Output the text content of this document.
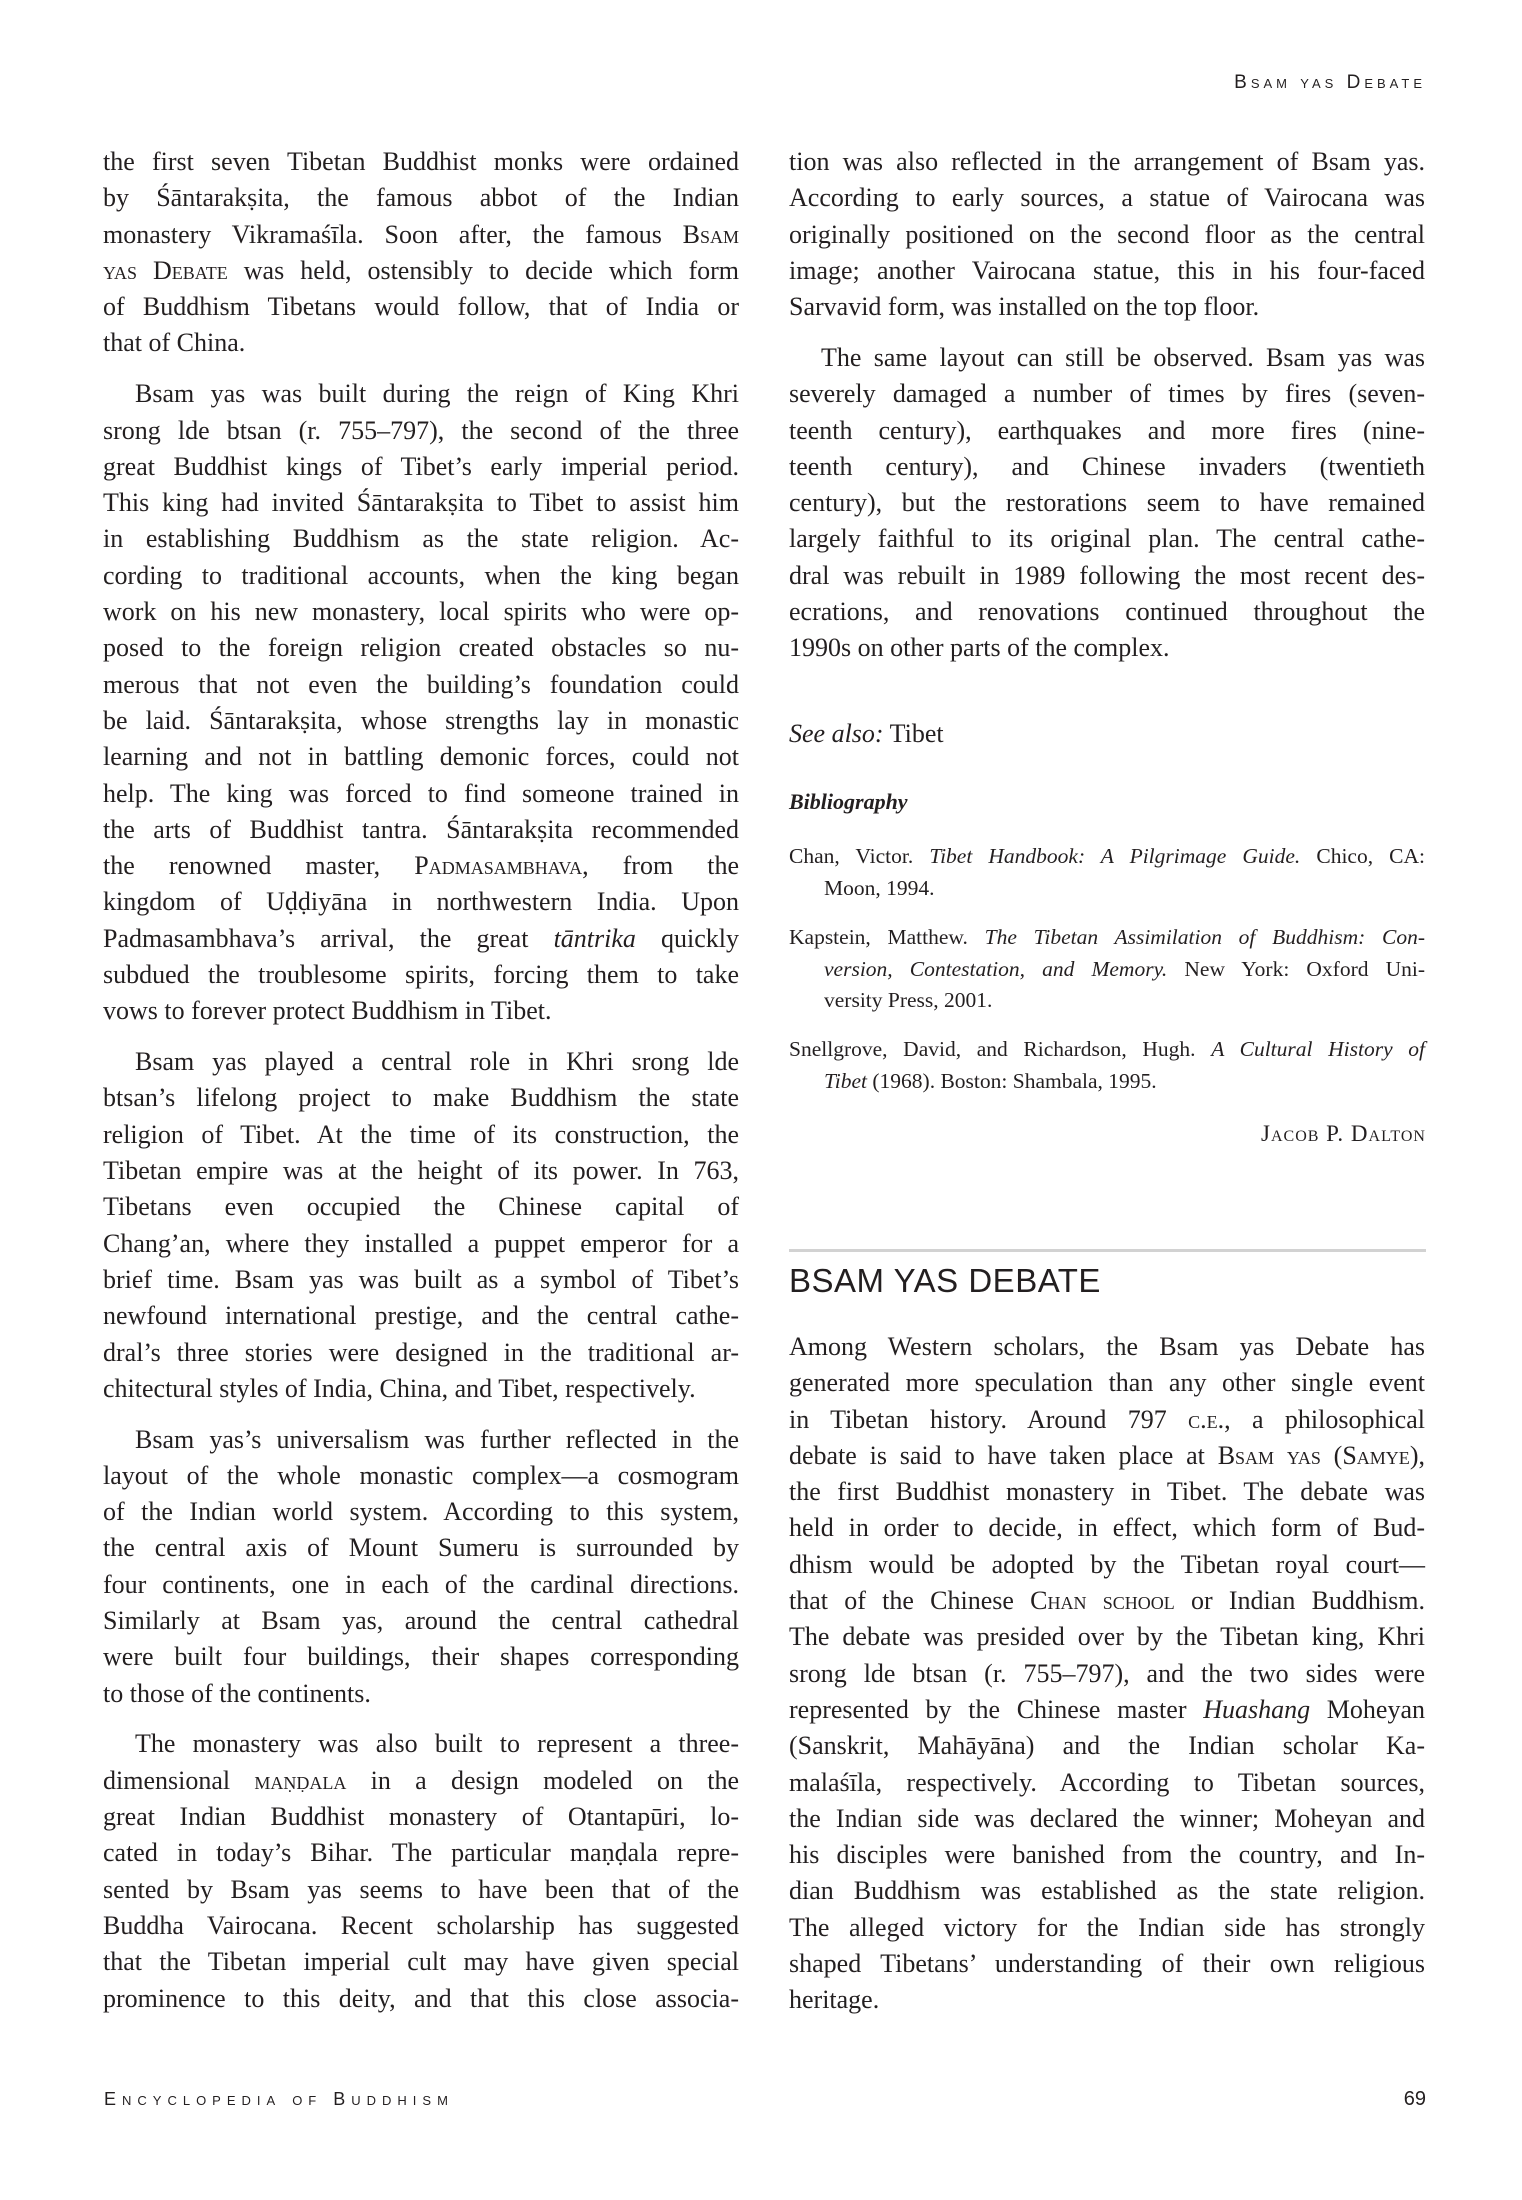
Bsam yas Debate
the first seven Tibetan Buddhist monks were ordained
by Śāntarakṣita, the famous abbot of the Indian
monastery Vikramaśīla. Soon after, the famous Bsam
yas Debate was held, ostensibly to decide which form
of Buddhism Tibetans would follow, that of India or
that of China.
Bsam yas was built during the reign of King Khri
srong lde btsan (r. 755–797), the second of the three
great Buddhist kings of Tibet’s early imperial period.
This king had invited Śāntarakṣita to Tibet to assist him
in establishing Buddhism as the state religion. Ac-
cording to traditional accounts, when the king began
work on his new monastery, local spirits who were op-
posed to the foreign religion created obstacles so nu-
merous that not even the building’s foundation could
be laid. Śāntarakṣita, whose strengths lay in monastic
learning and not in battling demonic forces, could not
help. The king was forced to find someone trained in
the arts of Buddhist tantra. Śāntarakṣita recommended
the renowned master, Padmasambhava, from the
kingdom of Uḍḍiyāna in northwestern India. Upon
Padmasambhava’s arrival, the great tāntrika quickly
subdued the troublesome spirits, forcing them to take
vows to forever protect Buddhism in Tibet.
Bsam yas played a central role in Khri srong lde
btsan’s lifelong project to make Buddhism the state
religion of Tibet. At the time of its construction, the
Tibetan empire was at the height of its power. In 763,
Tibetans even occupied the Chinese capital of
Chang’an, where they installed a puppet emperor for a
brief time. Bsam yas was built as a symbol of Tibet’s
newfound international prestige, and the central cathe-
dral’s three stories were designed in the traditional ar-
chitectural styles of India, China, and Tibet, respectively.
Bsam yas’s universalism was further reflected in the
layout of the whole monastic complex—a cosmogram
of the Indian world system. According to this system,
the central axis of Mount Sumeru is surrounded by
four continents, one in each of the cardinal directions.
Similarly at Bsam yas, around the central cathedral
were built four buildings, their shapes corresponding
to those of the continents.
The monastery was also built to represent a three-
dimensional maṇḍala in a design modeled on the
great Indian Buddhist monastery of Otantapūri, lo-
cated in today’s Bihar. The particular maṇḍala repre-
sented by Bsam yas seems to have been that of the
Buddha Vairocana. Recent scholarship has suggested
that the Tibetan imperial cult may have given special
prominence to this deity, and that this close associa-
tion was also reflected in the arrangement of Bsam yas.
According to early sources, a statue of Vairocana was
originally positioned on the second floor as the central
image; another Vairocana statue, this in his four-faced
Sarvavid form, was installed on the top floor.
The same layout can still be observed. Bsam yas was
severely damaged a number of times by fires (seven-
teenth century), earthquakes and more fires (nine-
teenth century), and Chinese invaders (twentieth
century), but the restorations seem to have remained
largely faithful to its original plan. The central cathe-
dral was rebuilt in 1989 following the most recent des-
ecrations, and renovations continued throughout the
1990s on other parts of the complex.
See also: Tibet
Bibliography
Chan, Victor. Tibet Handbook: A Pilgrimage Guide. Chico, CA:
Moon, 1994.
Kapstein, Matthew. The Tibetan Assimilation of Buddhism: Con-
version, Contestation, and Memory. New York: Oxford Uni-
versity Press, 2001.
Snellgrove, David, and Richardson, Hugh. A Cultural History of
Tibet (1968). Boston: Shambala, 1995.
Jacob P. Dalton
BSAM YAS DEBATE
Among Western scholars, the Bsam yas Debate has
generated more speculation than any other single event
in Tibetan history. Around 797 c.e., a philosophical
debate is said to have taken place at Bsam yas (Samye),
the first Buddhist monastery in Tibet. The debate was
held in order to decide, in effect, which form of Bud-
dhism would be adopted by the Tibetan royal court—
that of the Chinese Chan school or Indian Buddhism.
The debate was presided over by the Tibetan king, Khri
srong lde btsan (r. 755–797), and the two sides were
represented by the Chinese master Huashang Moheyan
(Sanskrit, Mahāyāna) and the Indian scholar Ka-
malaśīla, respectively. According to Tibetan sources,
the Indian side was declared the winner; Moheyan and
his disciples were banished from the country, and In-
dian Buddhism was established as the state religion.
The alleged victory for the Indian side has strongly
shaped Tibetans’ understanding of their own religious
heritage.
Encyclopedia of Buddhism	69
